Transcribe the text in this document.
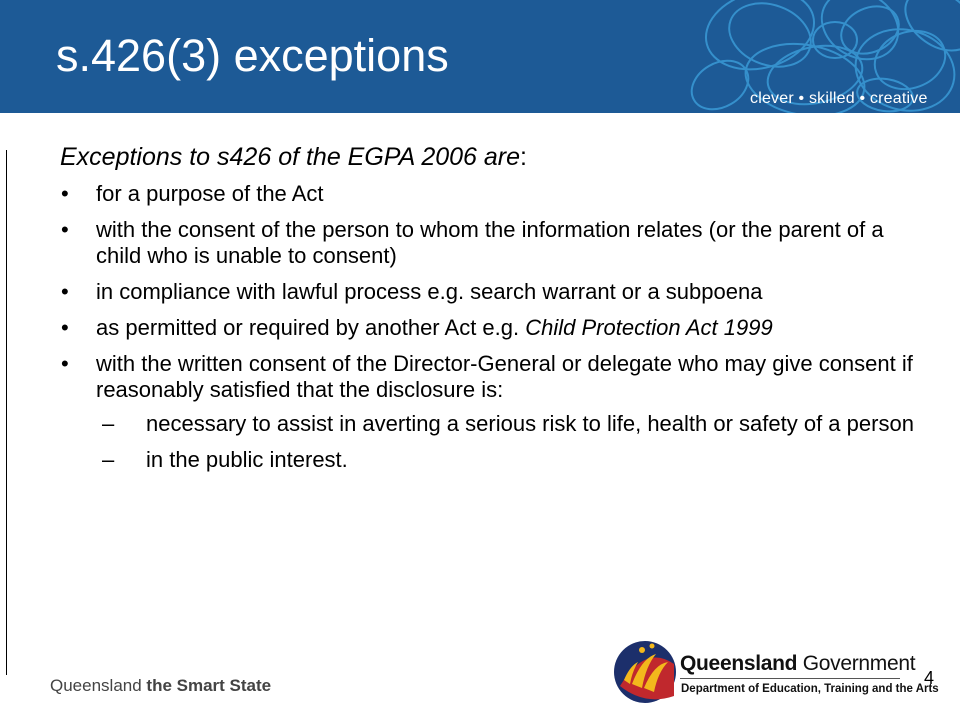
s.426(3) exceptions
clever • skilled • creative

Exceptions to s426 of the EGPA 2006 are:

• for a purpose of the Act
• with the consent of the person to whom the information relates (or the parent of a child who is unable to consent)
• in compliance with lawful process e.g. search warrant or a subpoena
• as permitted or required by another Act e.g. Child Protection Act 1999
• with the written consent of the Director-General or delegate who may give consent if reasonably satisfied that the disclosure is:
– necessary to assist in averting a serious risk to life, health or safety of a person
– in the public interest.
Queensland the Smart State
Queensland Government
Department of Education, Training and the Arts
4
